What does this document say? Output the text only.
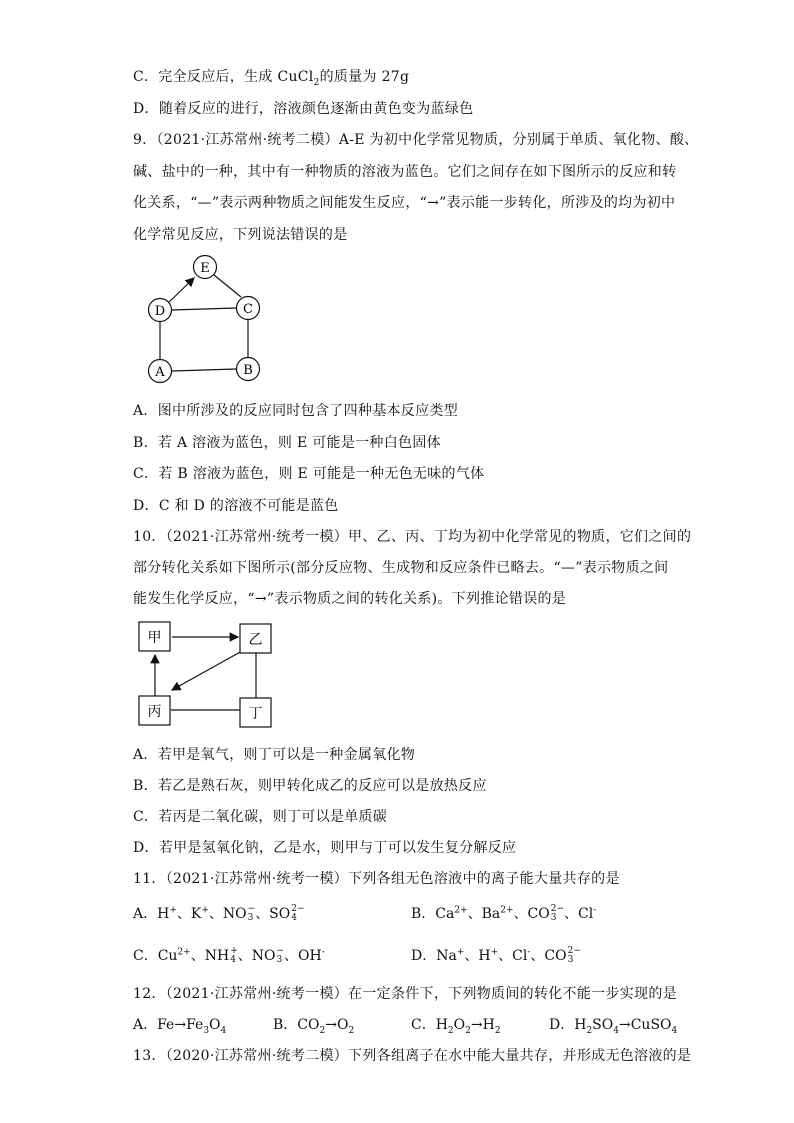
C．完全反应后，生成 CuCl$_2$的质量为 27g
D．随着反应的进行，溶液颜色逐渐由黄色变为蓝绿色
9．（2021·江苏常州·统考二模）A-E 为初中化学常见物质，分别属于单质、氧化物、酸、
碱、盐中的一种，其中有一种物质的溶液为蓝色。它们之间存在如下图所示的反应和转
化关系，“—”表示两种物质之间能发生反应，“→”表示能一步转化，所涉及的均为初中
化学常见反应，下列说法错误的是
E
D	C
A	B
A．图中所涉及的反应同时包含了四种基本反应类型
B．若 A 溶液为蓝色，则 E 可能是一种白色固体
C．若 B 溶液为蓝色，则 E 可能是一种无色无味的气体
D．C 和 D 的溶液不可能是蓝色
10．（2021·江苏常州·统考一模）甲、乙、丙、丁均为初中化学常见的物质，它们之间的
部分转化关系如下图所示(部分反应物、生成物和反应条件已略去。“—”表示物质之间
能发生化学反应，“→”表示物质之间的转化关系)。下列推论错误的是
甲	乙
丙	丁
A．若甲是氧气，则丁可以是一种金属氧化物
B．若乙是熟石灰，则甲转化成乙的反应可以是放热反应
C．若丙是二氧化碳，则丁可以是单质碳
D．若甲是氢氧化钠，乙是水，则甲与丁可以发生复分解反应
11．（2021·江苏常州·统考一模）下列各组无色溶液中的离子能大量共存的是
A．H+、K+、NO −
3 、SO 2−
4	B．$Ca^{2+}$、$Ba^{2+}$、CO 2−
3 、Cl-
C．$Cu^{2+}$、NH +
4 、NO −
3 、OH-	D．Na+、H+、Cl-、CO 2−
3
12．（2021·江苏常州·统考一模）在一定条件下，下列物质间的转化不能一步实现的是
A．$Fe\to Fe_3O_4$	B．$CO_2\to O_2$	C．$H_2O_2\to H_2$	D．$H_2SO_4\to CuSO_4$
13．（2020·江苏常州·统考二模）下列各组离子在水中能大量共存，并形成无色溶液的是
